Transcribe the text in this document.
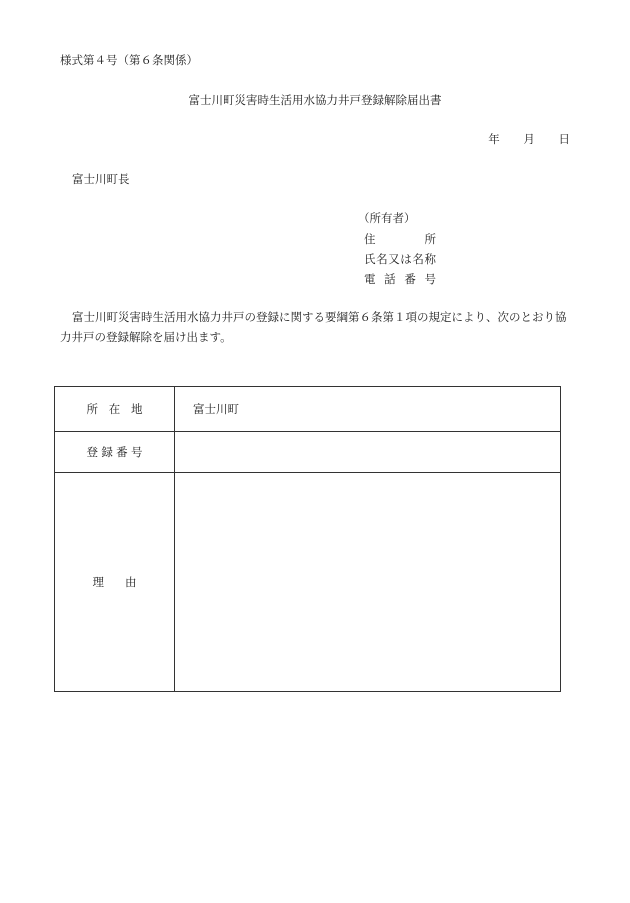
様式第４号（第６条関係）
富士川町災害時生活用水協力井戸登録解除届出書
年 月 日
富士川町長
（所有者）
住　　所
氏名又は名称
電話番号
富士川町災害時生活用水協力井戸の登録に関する要綱第６条第１項の規定により、次のとおり協力井戸の登録解除を届け出ます。
所在地	富士川町
登録番号	
理由	
